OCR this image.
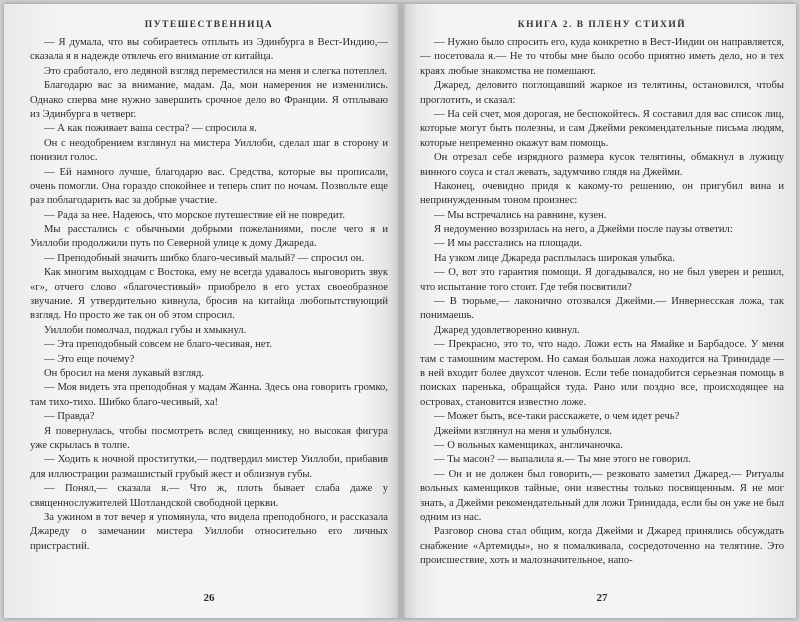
ПУТЕШЕСТВЕННИЦА

— Я думала, что вы собираетесь отплыть из Эдинбурга в Вест-Индию,— сказала я в надежде отвлечь его внимание от китайца.

Это сработало, его ледяной взгляд переместился на меня и слегка потеплел.

Благодарю вас за внимание, мадам. Да, мои намерения не изменились. Однако сперва мне нужно завершить срочное дело во Франции. Я отплываю из Эдинбурга в четверг.

— А как поживает ваша сестра? — спросила я.

Он с неодобрением взглянул на мистера Уиллоби, сделал шаг в сторону и понизил голос.

— Ей намного лучше, благодарю вас. Средства, которые вы прописали, очень помогли. Она гораздо спокойнее и теперь спит по ночам. Позвольте еще раз поблагодарить вас за добрые участие.

— Рада за нее. Надеюсь, что морское путешествие ей не повредит.

Мы расстались с обычными добрыми пожеланиями, после чего я и Уиллоби продолжили путь по Северной улице к дому Джареда.

— Преподобный значить шибко благо-чесивый малый? — спросил он.

Как многим выходцам с Востока, ему не всегда удавалось выговорить звук «г», отчего слово «благочестивый» приобрело в его устах своеобразное звучание. Я утвердительно кивнула, бросив на китайца любопытствующий взгляд. Но просто же так он об этом спросил.

Уиллоби помолчал, поджал губы и хмыкнул.

— Эта преподобный совсем не благо-чесивая, нет.

— Это еще почему?

Он бросил на меня лукавый взгляд.

— Моя видеть эта преподобная у мадам Жанна. Здесь она говорить громко, там тихо-тихо. Шибко благо-чесивый, ха!

— Правда?

Я повернулась, чтобы посмотреть вслед священнику, но высокая фигура уже скрылась в толпе.

— Ходить к ночной проститутки,— подтвердил мистер Уиллоби, прибавив для иллюстрации размашистый грубый жест и облизнув губы.

— Понял,— сказала я.— Что ж, плоть бывает слаба даже у священнослужителей Шотландской свободной церкви.

За ужином в тот вечер я упомянула, что видела преподобного, и рассказала Джареду о замечании мистера Уиллоби относительно его личных пристрастий.

26
КНИГА 2. В ПЛЕНУ СТИХИЙ

— Нужно было спросить его, куда конкретно в Вест-Индии он направляется,— посетовала я.— Не то чтобы мне было особо приятно иметь дело, но в тех краях любые знакомства не помешают.

Джаред, деловито поглощавший жаркое из телятины, остановился, чтобы проглотить, и сказал:

— На сей счет, моя дорогая, не беспокойтесь. Я составил для вас список лиц, которые могут быть полезны, и сам Джейми рекомендательные письма людям, которые непременно окажут вам помощь.

Он отрезал себе изрядного размера кусок телятины, обмакнул в лужицу винного соуса и стал жевать, задумчиво глядя на Джейми.

Наконец, очевидно придя к какому-то решению, он пригубил вина и непринужденным тоном произнес:

— Мы встречались на равнине, кузен.

Я недоуменно воззрилась на него, а Джейми после паузы ответил:

— И мы расстались на площади.

На узком лице Джареда расплылась широкая улыбка.

— О, вот это гарантия помощи. Я догадывался, но не был уверен и решил, что испытание того стоит. Где тебя посвятили?

— В тюрьме,— лаконично отозвался Джейми.— Инвернесская ложа, так понимаешь.

Джаред удовлетворенно кивнул.

— Прекрасно, это то, что надо. Ложи есть на Ямайке и Барбадосе. У меня там с тамошним мастером. Но самая большая ложа находится на Тринидаде — в ней входит более двухсот членов. Если тебе понадобится серьезная помощь в поисках паренька, обращайся туда. Рано или поздно все, происходящее на островах, становится известно ложе.

— Может быть, все-таки расскажете, о чем идет речь?

Джейми взглянул на меня и улыбнулся.

— О вольных каменщиках, англичаночка.

— Ты масон? — выпалила я.— Ты мне этого не говорил.

— Он и не должен был говорить,— резковато заметил Джаред.— Ритуалы вольных каменщиков тайные, они известны только посвященным. Я не мог знать, а Джейми рекомендательный для ложи Тринидада, если бы он уже не был одним из нас.

Разговор снова стал общим, когда Джейми и Джаред принялись обсуждать снабжение «Артемиды», но я помалкивала, сосредоточенно на телятине. Это происшествие, хоть и малозначительное, напо-

27
